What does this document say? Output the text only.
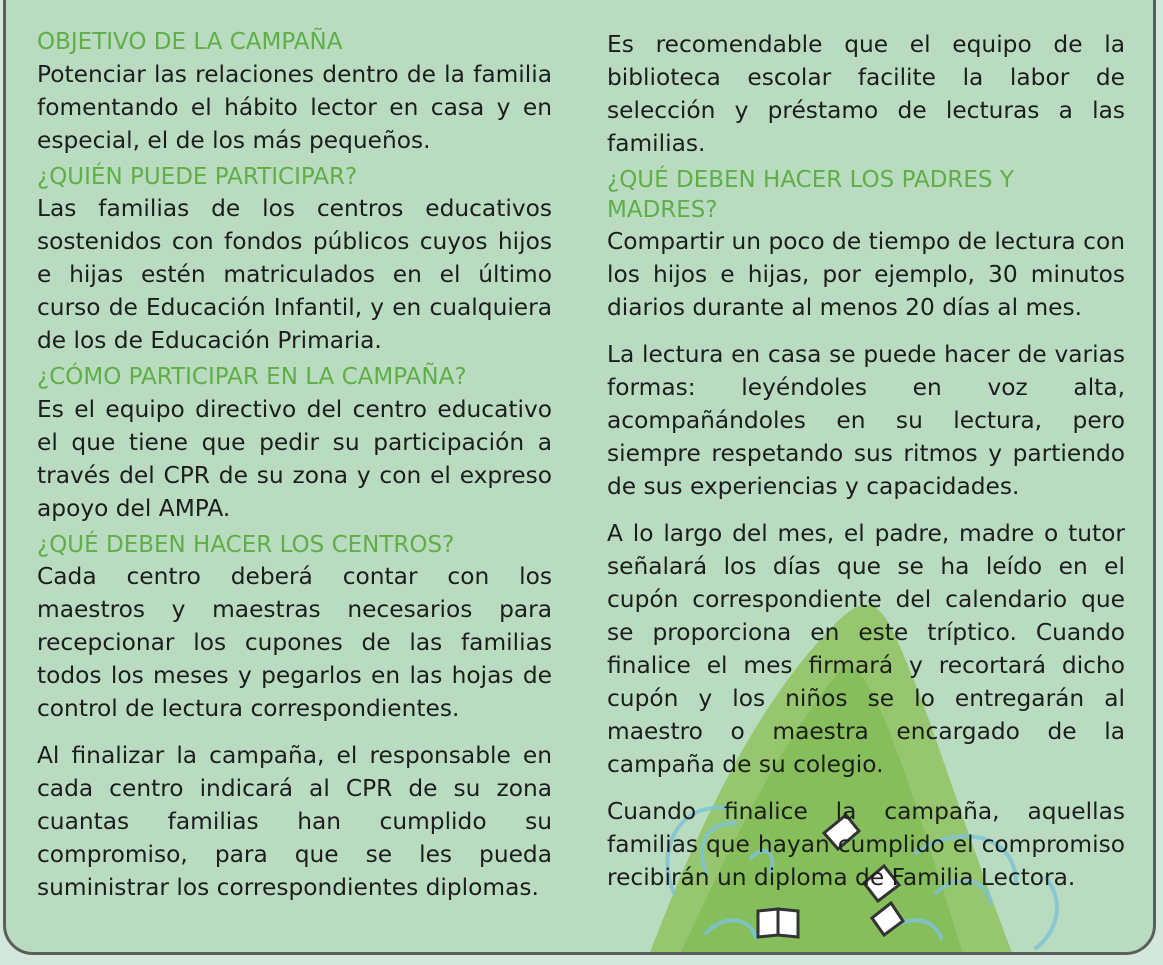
OBJETIVO DE LA CAMPAÑA

Potenciar las relaciones dentro de la familia fomentando el hábito lector en casa y en especial, el de los más pequeños.

¿QUIÉN PUEDE PARTICIPAR?

Las familias de los centros educativos sostenidos con fondos públicos cuyos hijos e hijas estén matriculados en el último curso de Educación Infantil, y en cualquiera de los de Educación Primaria.

¿CÓMO PARTICIPAR EN LA CAMPAÑA?

Es el equipo directivo del centro educativo el que tiene que pedir su participación a través del CPR de su zona y con el expreso apoyo del AMPA.

¿QUÉ DEBEN HACER LOS CENTROS?

Cada centro deberá contar con los maestros y maestras necesarios para recepcionar los cupones de las familias todos los meses y pegarlos en las hojas de control de lectura correspondientes.

Al finalizar la campaña, el responsable en cada centro indicará al CPR de su zona cuantas familias han cumplido su compromiso, para que se les pueda suministrar los correspondientes diplomas.

Es recomendable que el equipo de la biblioteca escolar facilite la labor de selección y préstamo de lecturas a las familias.

¿QUÉ DEBEN HACER LOS PADRES Y MADRES?

Compartir un poco de tiempo de lectura con los hijos e hijas, por ejemplo, 30 minutos diarios durante al menos 20 días al mes.

La lectura en casa se puede hacer de varias formas: leyéndoles en voz alta, acompañándoles en su lectura, pero siempre respetando sus ritmos y partiendo de sus experiencias y capacidades.

A lo largo del mes, el padre, madre o tutor señalará los días que se ha leído en el cupón correspondiente del calendario que se proporciona en este tríptico. Cuando finalice el mes firmará y recortará dicho cupón y los niños se lo entregarán al maestro o maestra encargado de la campaña de su colegio.

Cuando finalice la campaña, aquellas familias que hayan cumplido el compromiso recibirán un diploma de Familia Lectora.
